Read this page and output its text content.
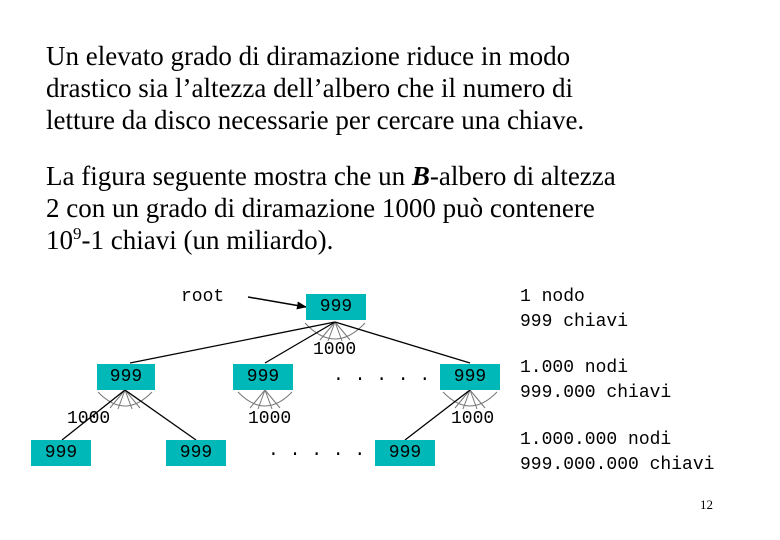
Un elevato grado di diramazione riduce in modo
drastico sia l’altezza dell’albero che il numero di
letture da disco necessarie per cercare una chiave.
La figura seguente mostra che un B-albero di altezza
2 con un grado di diramazione 1000 può contenere
$10^9-1$ chiavi (un miliardo).
root	999
1000
999	999	. . . . .	999
1000	1000	1000
999	999	. . . . .	999
1 nodo
999 chiavi
1.000 nodi
999.000 chiavi
1.000.000 nodi
999.000.000 chiavi
12
